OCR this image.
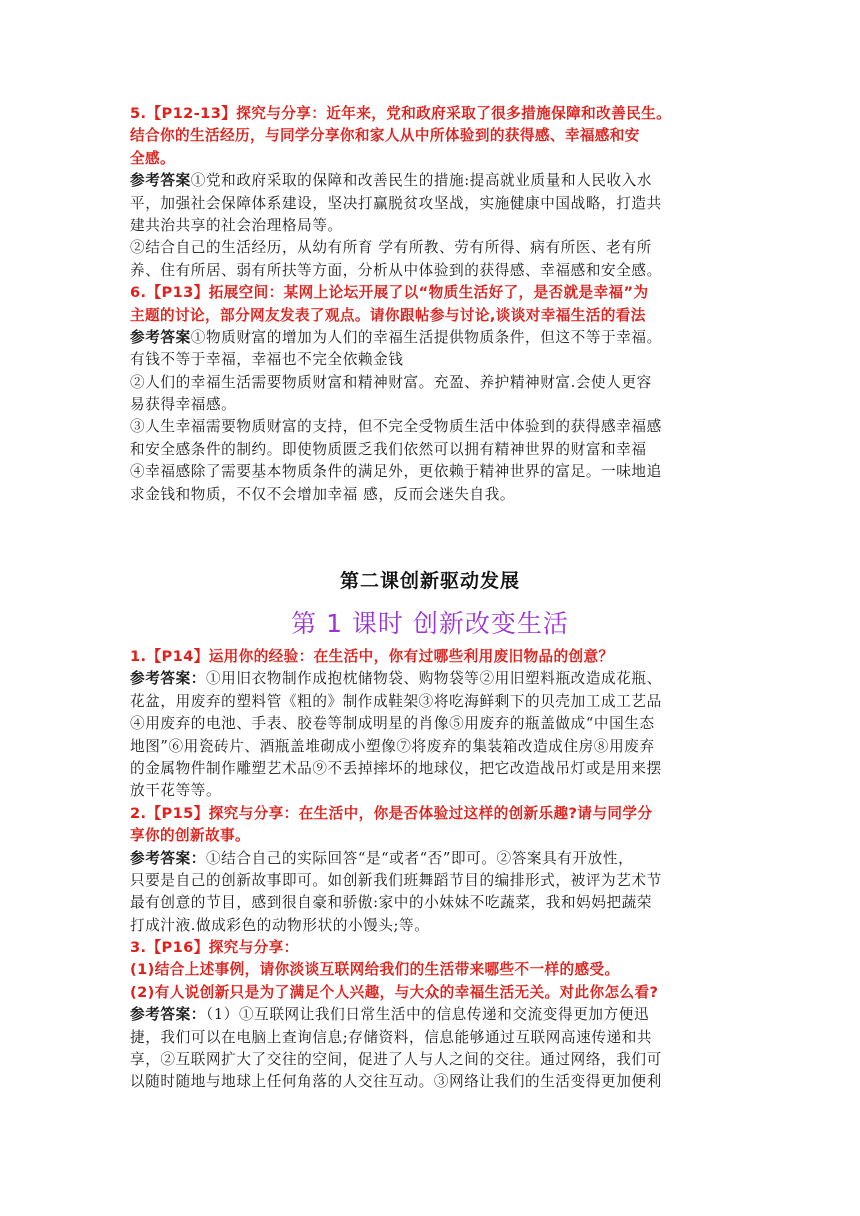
5.【P12-13】探究与分享：近年来，党和政府采取了很多措施保障和改善民生。
结合你的生活经历，与同学分享你和家人从中所体验到的获得感、幸福感和安
全感。
参考答案①党和政府采取的保障和改善民生的措施:提高就业质量和人民收入水
平，加强社会保障体系建设，坚决打赢脱贫攻坚战，实施健康中国战略，打造共
建共治共享的社会治理格局等。
②结合自己的生活经历，从幼有所育 学有所教、劳有所得、病有所医、老有所
养、住有所居、弱有所扶等方面，分析从中体验到的获得感、幸福感和安全感。
6.【P13】拓展空间：某网上论坛开展了以“物质生活好了，是否就是幸福”为
主题的讨论，部分网友发表了观点。请你跟帖参与讨论,谈谈对幸福生活的看法
参考答案①物质财富的增加为人们的幸福生活提供物质条件，但这不等于幸福。
有钱不等于幸福，幸福也不完全依赖金钱
②人们的幸福生活需要物质财富和精神财富。充盈、养护精神财富.会使人更容
易获得幸福感。
③人生幸福需要物质财富的支持，但不完全受物质生活中体验到的获得感幸福感
和安全感条件的制约。即使物质匮乏我们依然可以拥有精神世界的财富和幸福
④幸福感除了需要基本物质条件的满足外，更依赖于精神世界的富足。一味地追
求金钱和物质，不仅不会增加幸福 感，反而会迷失自我。
第二课创新驱动发展
第 1 课时 创新改变生活
1.【P14】运用你的经验：在生活中，你有过哪些利用废旧物品的创意？
参考答案：①用旧衣物制作成抱枕储物袋、购物袋等②用旧塑料瓶改造成花瓶、
花盆，用废弃的塑料管《粗的》制作成鞋架③将吃海鲜剩下的贝壳加工成工艺品
④用废弃的电池、手表、胶卷等制成明星的肖像⑤用废弃的瓶盖做成“中国生态
地图”⑥用瓷砖片、酒瓶盖堆砌成小塑像⑦将废弃的集装箱改造成住房⑧用废弃
的金属物件制作雕塑艺术品⑨不丢掉摔坏的地球仪，把它改造战吊灯或是用来摆
放干花等等。
2.【P15】探究与分享：在生活中，你是否体验过这样的创新乐趣?请与同学分
享你的创新故事。
参考答案：①结合自己的实际回答“是“或者“否”即可。②答案具有开放性，
只要是自己的创新故事即可。如创新我们班舞蹈节目的编排形式，被评为艺术节
最有创意的节目，感到很自豪和骄傲:家中的小妹妹不吃蔬菜，我和妈妈把蔬荣
打成汁液.做成彩色的动物形状的小馒头;等。
3.【P16】探究与分享：
(1)结合上述事例，请你淡谈互联网给我们的生活带来哪些不一样的感受。
(2)有人说创新只是为了满足个人兴趣，与大众的幸福生活无关。对此你怎么看?
参考答案：（1）①互联网让我们日常生活中的信息传递和交流变得更加方便迅
捷，我们可以在电脑上查询信息;存储资料，信息能够通过互联网高速传递和共
享，②互联网扩大了交往的空间，促进了人与人之间的交往。通过网络，我们可
以随时随地与地球上任何角落的人交往互动。③网络让我们的生活变得更加便利
